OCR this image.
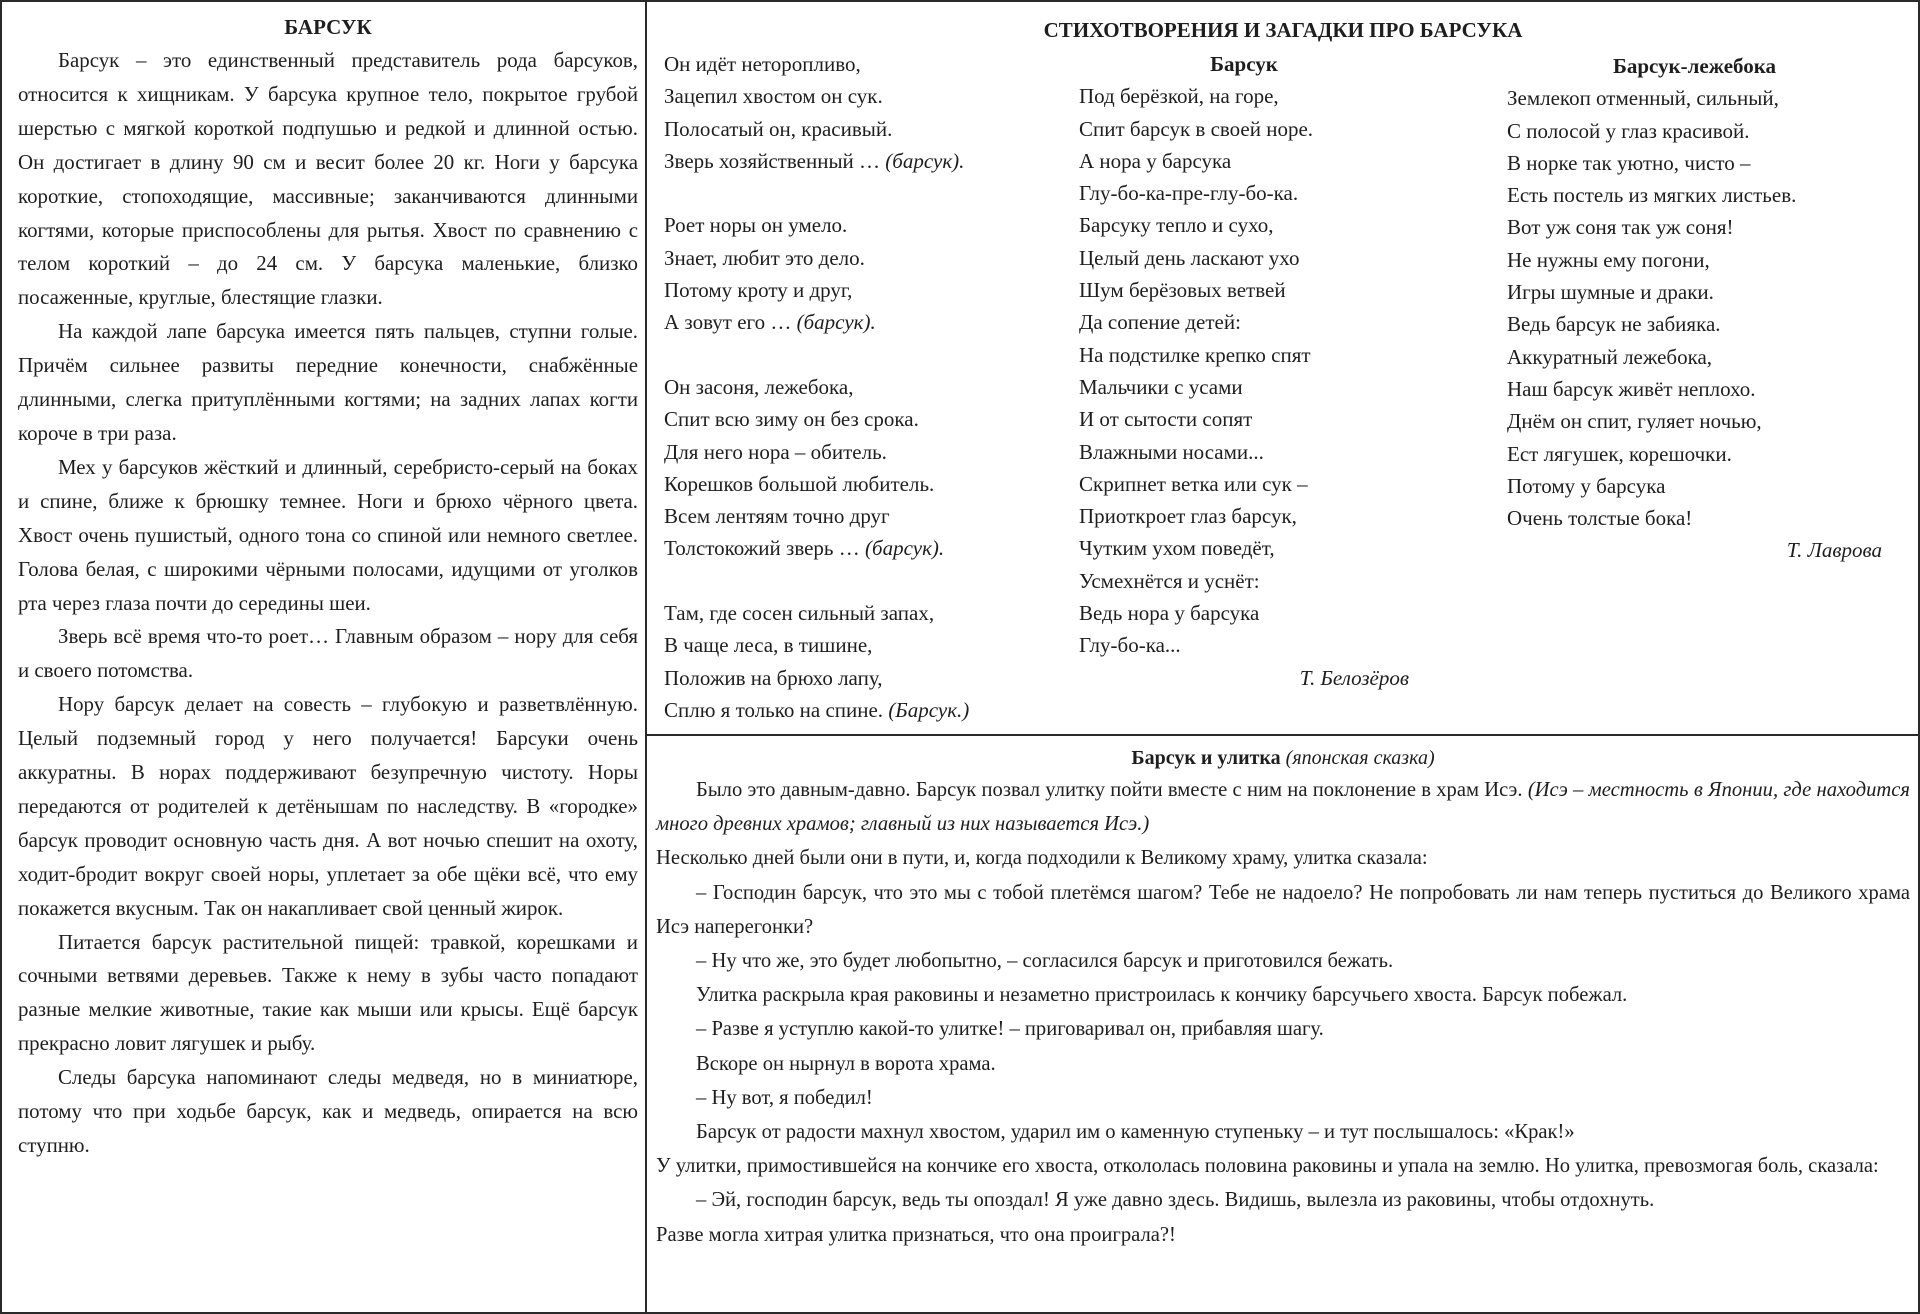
БАРСУК

Барсук – это единственный представитель рода барсуков, относится к хищникам. У барсука крупное тело, покрытое грубой шерстью с мягкой короткой подпушью и редкой и длинной остью. Он достигает в длину 90 см и весит более 20 кг. Ноги у барсука короткие, стопоходящие, массивные; заканчиваются длинными когтями, которые приспособлены для рытья. Хвост по сравнению с телом короткий – до 24 см. У барсука маленькие, близко посаженные, круглые, блестящие глазки.

На каждой лапе барсука имеется пять пальцев, ступни голые. Причём сильнее развиты передние конечности, снабжённые длинными, слегка притуплёнными когтями; на задних лапах когти короче в три раза.

Мех у барсуков жёсткий и длинный, серебристо-серый на боках и спине, ближе к брюшку темнее. Ноги и брюхо чёрного цвета. Хвост очень пушистый, одного тона со спиной или немного светлее. Голова белая, с широкими чёрными полосами, идущими от уголков рта через глаза почти до середины шеи.

Зверь всё время что-то роет… Главным образом – нору для себя и своего потомства.

Нору барсук делает на совесть – глубокую и разветвлённую. Целый подземный город у него получается! Барсуки очень аккуратны. В норах поддерживают безупречную чистоту. Норы передаются от родителей к детёнышам по наследству. В «городке» барсук проводит основную часть дня. А вот ночью спешит на охоту, ходит-бродит вокруг своей норы, уплетает за обе щёки всё, что ему покажется вкусным. Так он накапливает свой ценный жирок.

Питается барсук растительной пищей: травкой, корешками и сочными ветвями деревьев. Также к нему в зубы часто попадают разные мелкие животные, такие как мыши или крысы. Ещё барсук прекрасно ловит лягушек и рыбу.

Следы барсука напоминают следы медведя, но в миниатюре, потому что при ходьбе барсук, как и медведь, опирается на всю ступню.

СТИХОТВОРЕНИЯ И ЗАГАДКИ ПРО БАРСУКА
Он идёт неторопливо,
Зацепил хвостом он сук.
Полосатый он, красивый.
Зверь хозяйственный … (барсук).
Роет норы он умело.
Знает, любит это дело.
Потому кроту и друг,
А зовут его … (барсук).
Он засоня, лежебока,
Спит всю зиму он без срока.
Для него нора – обитель.
Корешков большой любитель.
Всем лентяям точно друг
Толстокожий зверь … (барсук).
Там, где сосен сильный запах,
В чаще леса, в тишине,
Положив на брюхо лапу,
Сплю я только на спине. (Барсук.)
Барсук
Под берёзкой, на горе,
Спит барсук в своей норе.
А нора у барсука
Глу-бо-ка-пре-глу-бо-ка.
Барсуку тепло и сухо,
Целый день ласкают ухо
Шум берёзовых ветвей
Да сопение детей:
На подстилке крепко спят
Мальчики с усами
И от сытости сопят
Влажными носами...
Скрипнет ветка или сук –
Приоткроет глаз барсук,
Чутким ухом поведёт,
Усмехнётся и уснёт:
Ведь нора у барсука
Глу-бо-ка...
Т. Белозёров
Барсук-лежебока
Землекоп отменный, сильный,
С полосой у глаз красивой.
В норке так уютно, чисто –
Есть постель из мягких листьев.
Вот уж соня так уж соня!
Не нужны ему погони,
Игры шумные и драки.
Ведь барсук не забияка.
Аккуратный лежебока,
Наш барсук живёт неплохо.
Днём он спит, гуляет ночью,
Ест лягушек, корешочки.
Потому у барсука
Очень толстые бока!
Т. Лаврова
Барсук и улитка (японская сказка)

Было это давным-давно. Барсук позвал улитку пойти вместе с ним на поклонение в храм Исэ. (Исэ – местность в Японии, где находится много древних храмов; главный из них называется Исэ.)

Несколько дней были они в пути, и, когда подходили к Великому храму, улитка сказала:

– Господин барсук, что это мы с тобой плетёмся шагом? Тебе не надоело? Не попробовать ли нам теперь пуститься до Великого храма Исэ наперегонки?

– Ну что же, это будет любопытно, – согласился барсук и приготовился бежать.

Улитка раскрыла края раковины и незаметно пристроилась к кончику барсучьего хвоста. Барсук побежал.

– Разве я уступлю какой-то улитке! – приговаривал он, прибавляя шагу.

Вскоре он нырнул в ворота храма.

– Ну вот, я победил!

Барсук от радости махнул хвостом, ударил им о каменную ступеньку – и тут послышалось: «Крак!»

У улитки, примостившейся на кончике его хвоста, откололась половина раковины и упала на землю. Но улитка, превозмогая боль, сказала:

– Эй, господин барсук, ведь ты опоздал! Я уже давно здесь. Видишь, вылезла из раковины, чтобы отдохнуть.

Разве могла хитрая улитка признаться, что она проиграла?!
